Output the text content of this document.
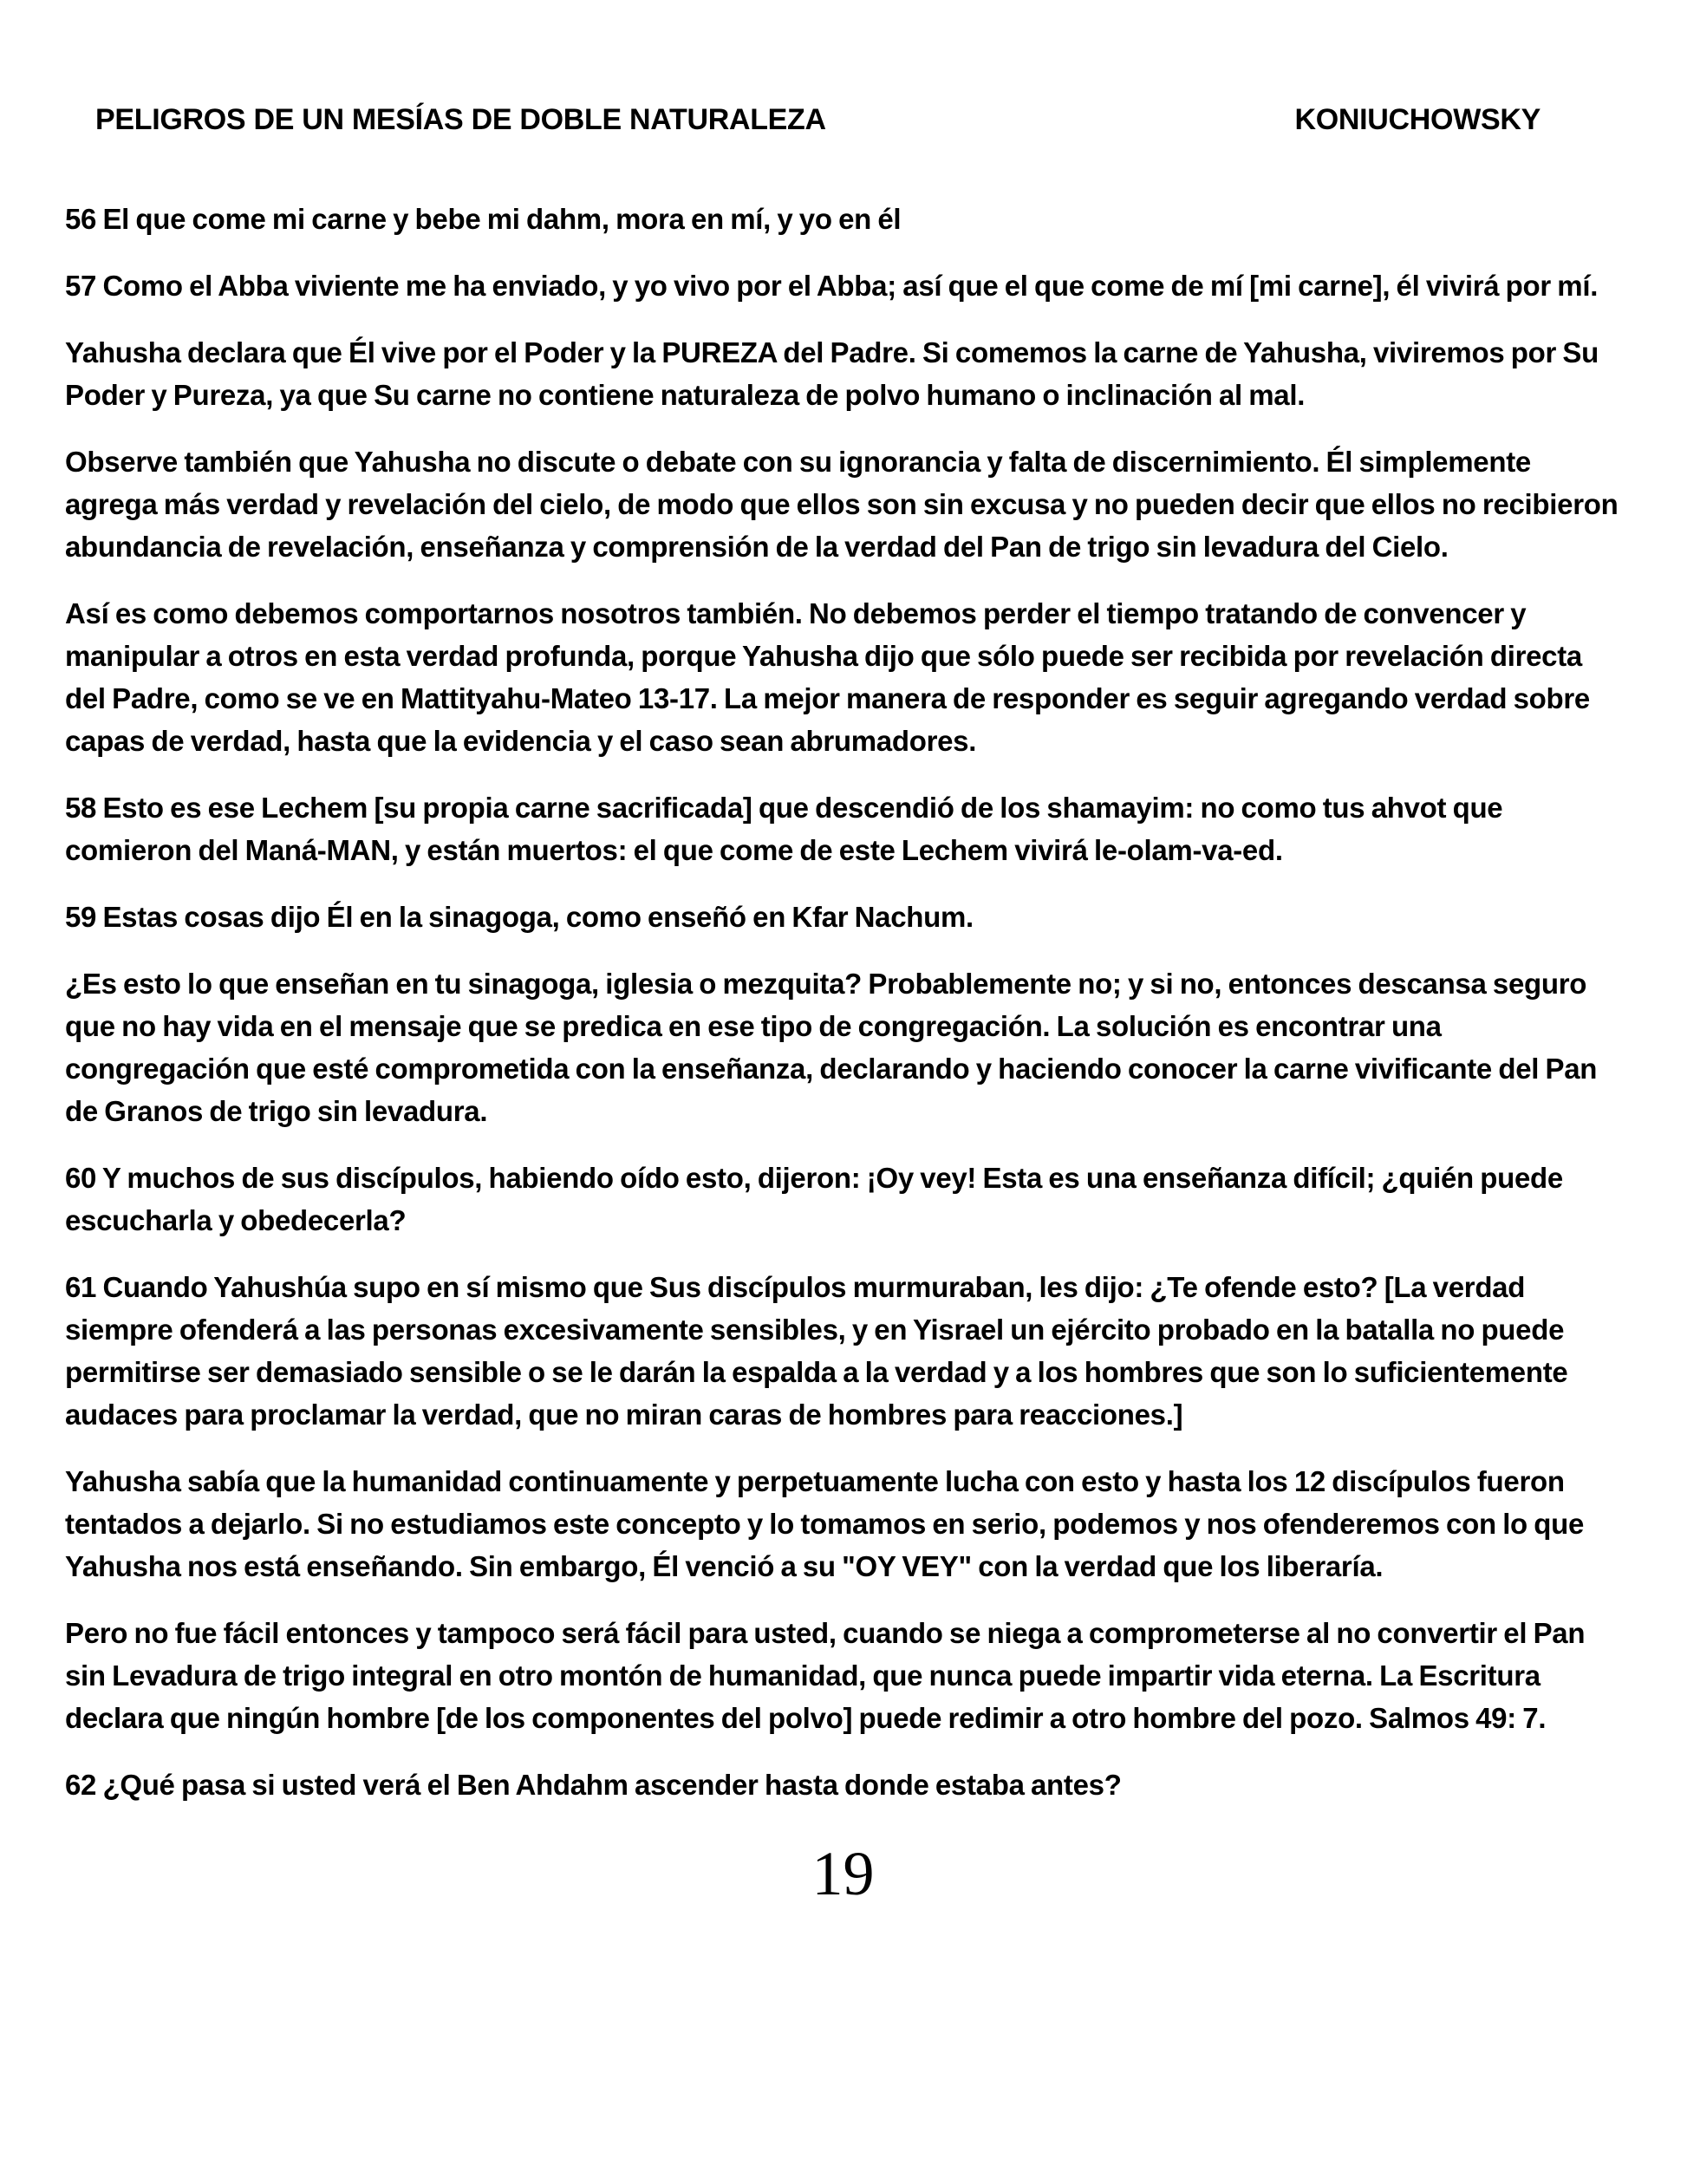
PELIGROS DE UN MESÍAS DE DOBLE NATURALEZA	KONIUCHOWSKY

56 El que come mi carne y bebe mi dahm, mora en mí, y yo en él

57 Como el Abba viviente me ha enviado, y yo vivo por el Abba; así que el que come de mí [mi carne], él vivirá por mí.

Yahusha declara que Él vive por el Poder y la PUREZA del Padre. Si comemos la carne de Yahusha, viviremos por Su Poder y Pureza, ya que Su carne no contiene naturaleza de polvo humano o inclinación al mal.

Observe también que Yahusha no discute o debate con su ignorancia y falta de discernimiento. Él simplemente agrega más verdad y revelación del cielo, de modo que ellos son sin excusa y no pueden decir que ellos no recibieron abundancia de revelación, enseñanza y comprensión de la verdad del Pan de trigo sin levadura del Cielo.

Así es como debemos comportarnos nosotros también. No debemos perder el tiempo tratando de convencer y manipular a otros en esta verdad profunda, porque Yahusha dijo que sólo puede ser recibida por revelación directa del Padre, como se ve en Mattityahu-Mateo 13-17. La mejor manera de responder es seguir agregando verdad sobre capas de verdad, hasta que la evidencia y el caso sean abrumadores.

58 Esto es ese Lechem [su propia carne sacrificada] que descendió de los shamayim: no como tus ahvot que comieron del Maná-MAN, y están muertos: el que come de este Lechem vivirá le-olam-va-ed.

59 Estas cosas dijo Él en la sinagoga, como enseñó en Kfar Nachum.

¿Es esto lo que enseñan en tu sinagoga, iglesia o mezquita? Probablemente no; y si no, entonces descansa seguro que no hay vida en el mensaje que se predica en ese tipo de congregación. La solución es encontrar una congregación que esté comprometida con la enseñanza, declarando y haciendo conocer la carne vivificante del Pan de Granos de trigo sin levadura.

60 Y muchos de sus discípulos, habiendo oído esto, dijeron: ¡Oy vey! Esta es una enseñanza difícil; ¿quién puede escucharla y obedecerla?

61 Cuando Yahushúa supo en sí mismo que Sus discípulos murmuraban, les dijo: ¿Te ofende esto? [La verdad siempre ofenderá a las personas excesivamente sensibles, y en Yisrael un ejército probado en la batalla no puede permitirse ser demasiado sensible o se le darán la espalda a la verdad y a los hombres que son lo suficientemente audaces para proclamar la verdad, que no miran caras de hombres para reacciones.]

Yahusha sabía que la humanidad continuamente y perpetuamente lucha con esto y hasta los 12 discípulos fueron tentados a dejarlo. Si no estudiamos este concepto y lo tomamos en serio, podemos y nos ofenderemos con lo que Yahusha nos está enseñando. Sin embargo, Él venció a su "OY VEY" con la verdad que los liberaría.

Pero no fue fácil entonces y tampoco será fácil para usted, cuando se niega a comprometerse al no convertir el Pan sin Levadura de trigo integral en otro montón de humanidad, que nunca puede impartir vida eterna. La Escritura declara que ningún hombre [de los componentes del polvo] puede redimir a otro hombre del pozo. Salmos 49: 7.

62 ¿Qué pasa si usted verá el Ben Ahdahm ascender hasta donde estaba antes?

19
